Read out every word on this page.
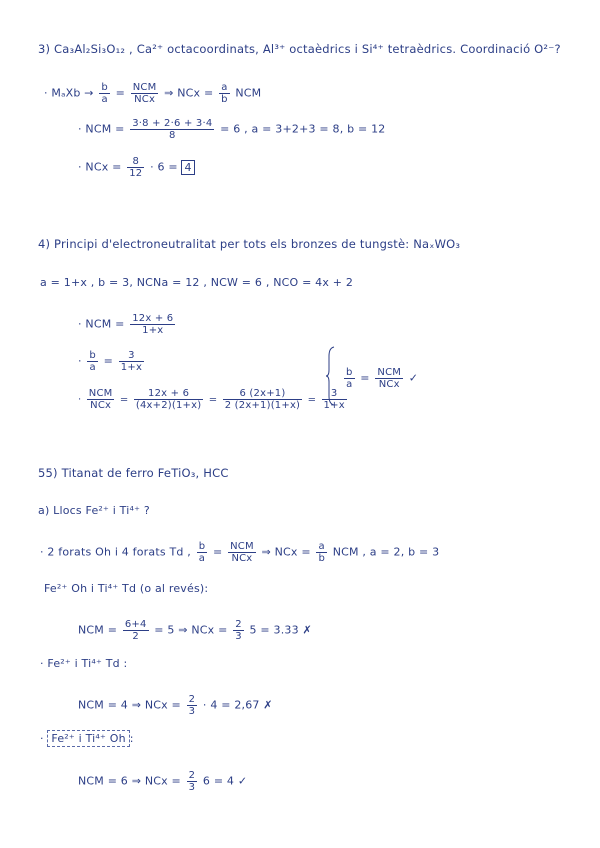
3) Ca₃Al₂Si₃O₁₂ , Ca²⁺ octacoordinats, Al³⁺ octaèdrics i Si⁴⁺ tetraèdrics. Coordinació O²⁻?
· $M_aXb \to \frac{b}{a} = \frac{\text{NCM}}{\text{NCx}}$ ⇒ NCx = $\frac{a}{b}$ NCM
· NCM = $\frac{3\cdot 8 + 2\cdot 6 + 3\cdot 4}{8} = 6$ , a = 3+2+3 = 8, b = 12
· NCx = $\frac{8}{12} \cdot 6 = 4$
4) Principi d'electroneutralitat per tots els bronzes de tungstè: NaₓWO₃
a = 1+x , b = 3, NCNa = 12 , NCW = 6 , NCO = 4x + 2
· NCM = $\frac{12x + 6}{1+x}$
· $\frac{b}{a} = \frac{3}{1+x}$
· $\frac{\text{NCM}}{\text{NCx}} = \frac{12x + 6}{(4x+2)(1+x)} = \frac{6 (2x+1)}{2 (2x+1)(1+x)} = \frac{3}{1+x}$
$\frac{b}{a} = \frac{\text{NCM}}{\text{NCx}}$ ✓
55) Titanat de ferro FeTiO₃, HCC
a) Llocs Fe²⁺ i Ti⁴⁺ ?
· 2 forats Oh i 4 forats Td , $\frac{b}{a} = \frac{\text{NCM}}{\text{NCx}}$ ⇒ NCx = $\frac{a}{b}$ NCM , a = 2, b = 3
Fe²⁺ Oh i Ti⁴⁺ Td (o al revés):
NCM = $\frac{6+4}{2} = 5$ ⇒ NCx = $\frac{2}{3} 5 = 3.33$ ✗
· Fe²⁺ i Ti⁴⁺ Td :
NCM = 4 ⇒ NCx = $\frac{2}{3} \cdot 4 = 2,67$ ✗
· Fe²⁺ i Ti⁴⁺ Oh :
NCM = 6 ⇒ NCx = $\frac{2}{3} 6 = 4$ ✓
